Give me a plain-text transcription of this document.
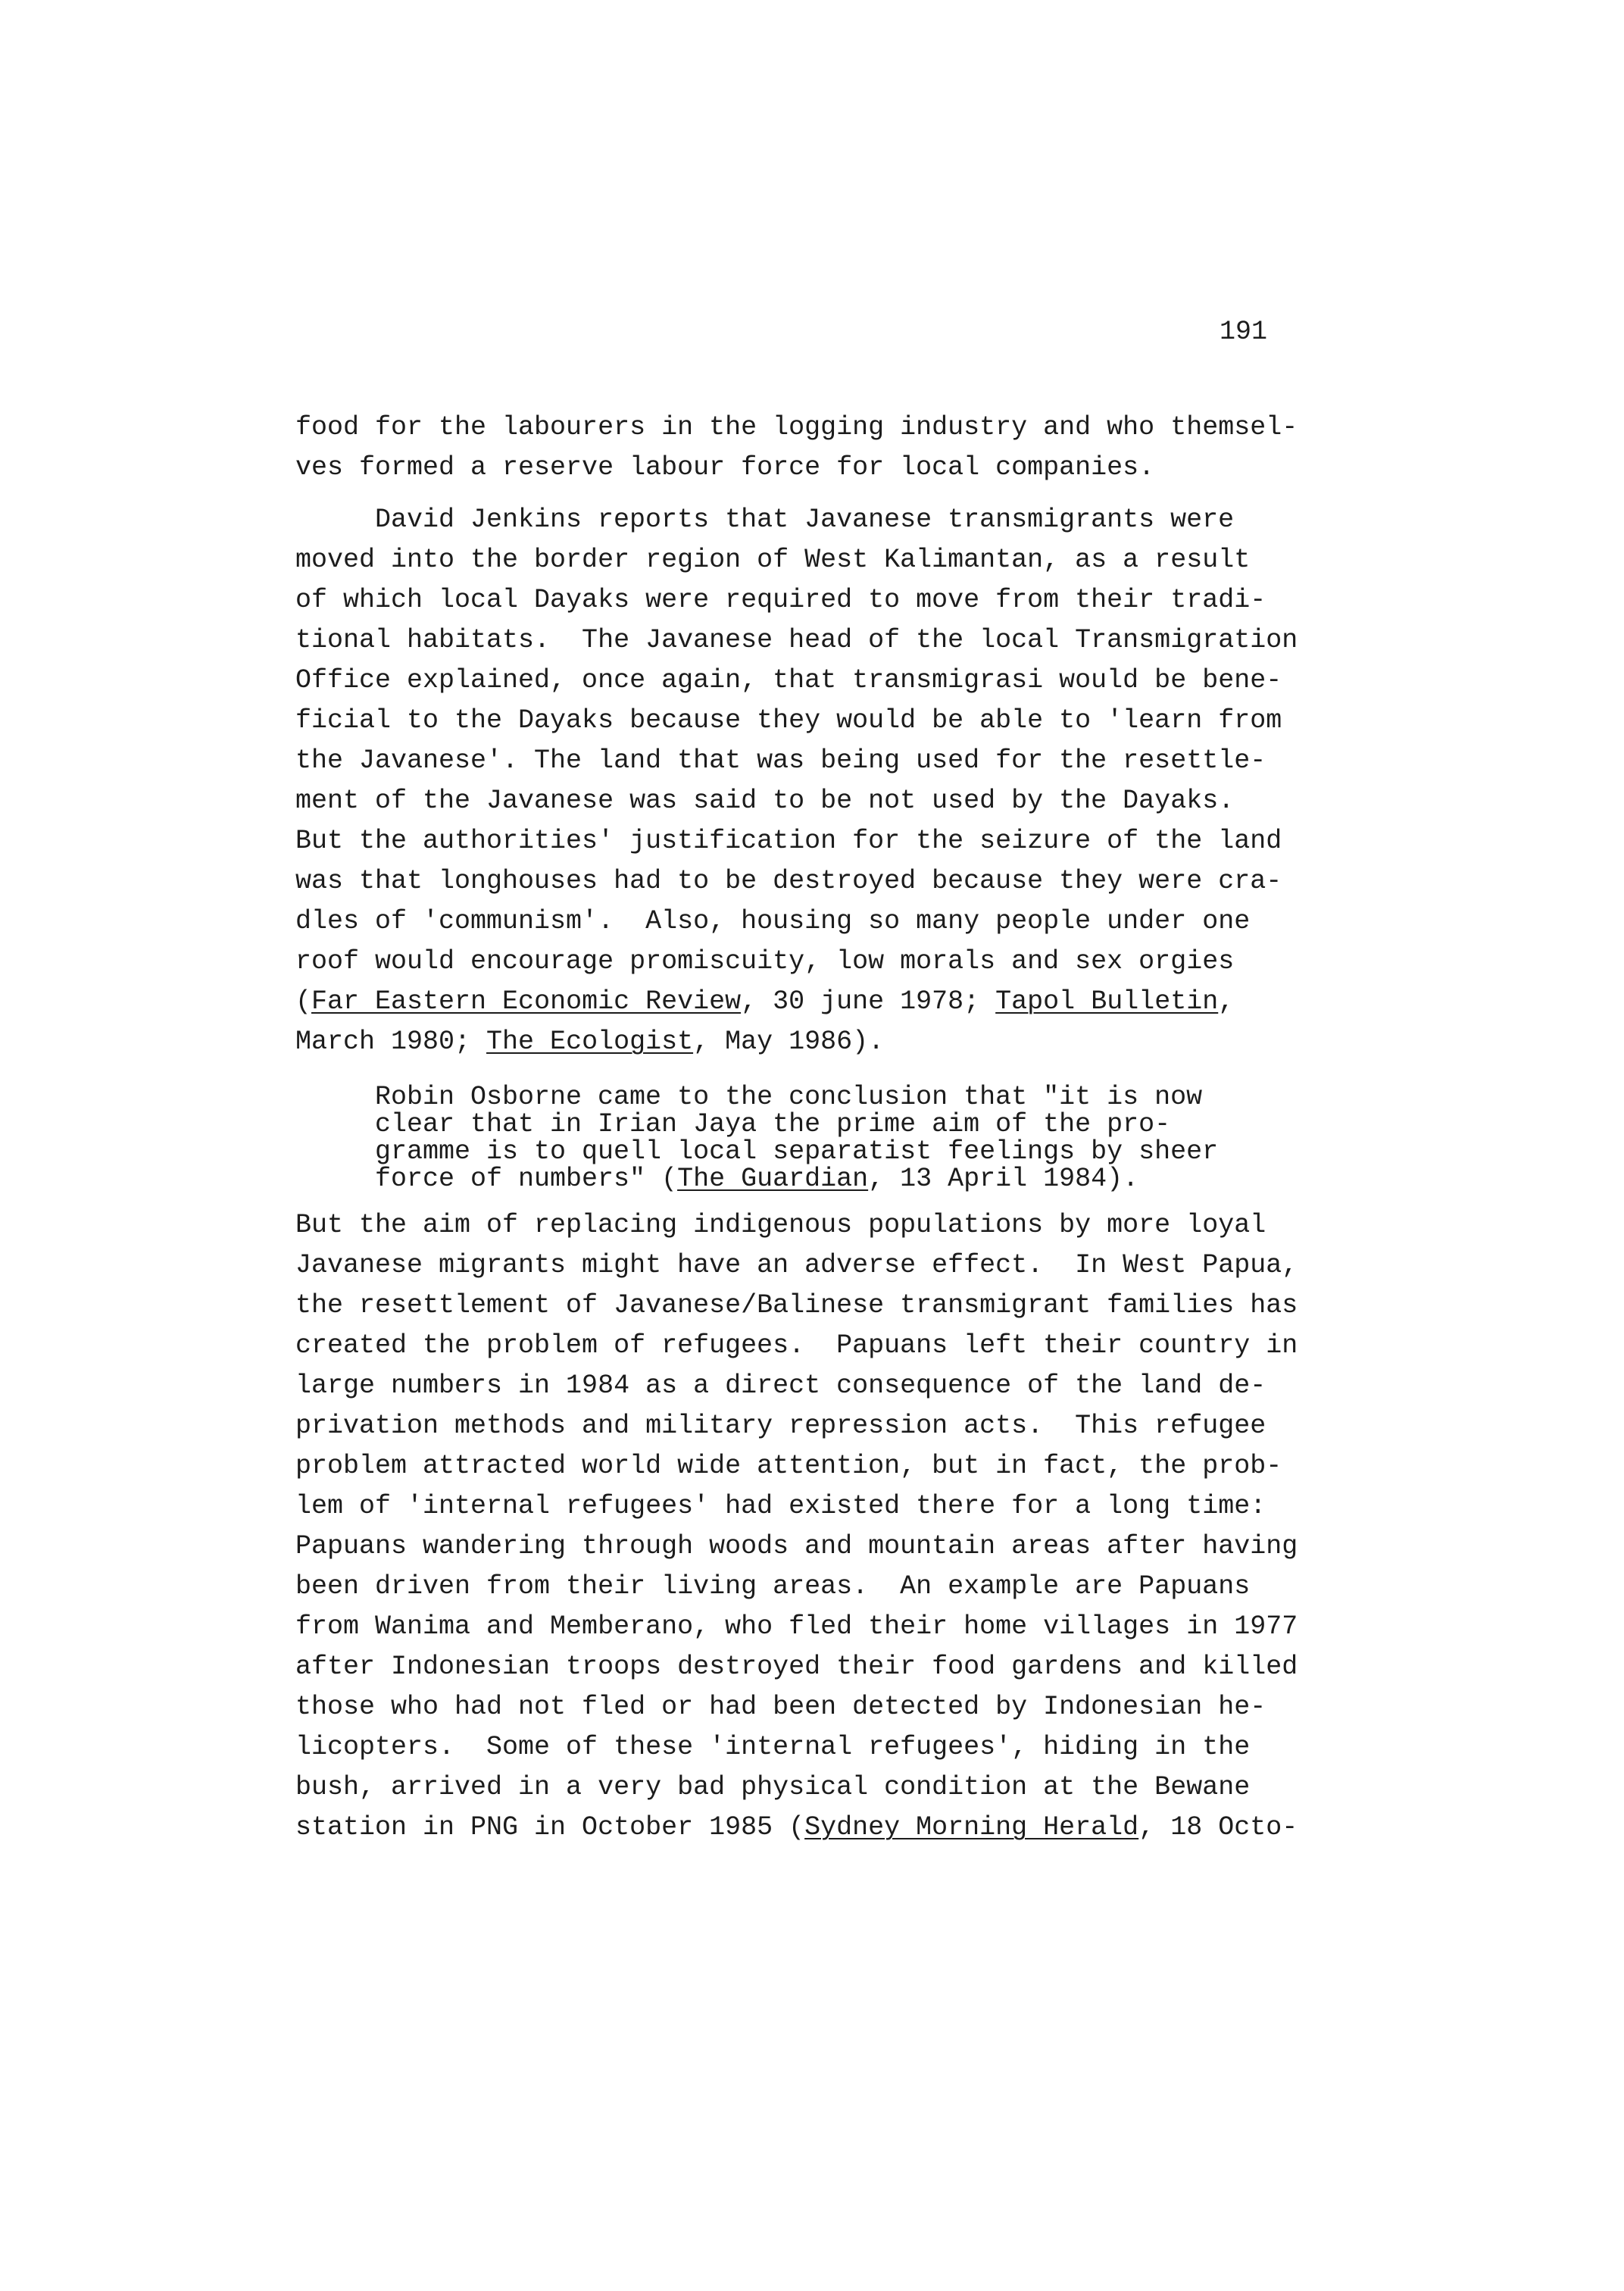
191
food for the labourers in the logging industry and who themsel-
ves formed a reserve labour force for local companies.
David Jenkins reports that Javanese transmigrants were
moved into the border region of West Kalimantan, as a result
of which local Dayaks were required to move from their tradi-
tional habitats.  The Javanese head of the local Transmigration
Office explained, once again, that transmigrasi would be bene-
ficial to the Dayaks because they would be able to 'learn from
the Javanese'. The land that was being used for the resettle-
ment of the Javanese was said to be not used by the Dayaks.
But the authorities' justification for the seizure of the land
was that longhouses had to be destroyed because they were cra-
dles of 'communism'.  Also, housing so many people under one
roof would encourage promiscuity, low morals and sex orgies
(Far Eastern Economic Review, 30 june 1978; Tapol Bulletin,
March 1980; The Ecologist, May 1986).
Robin Osborne came to the conclusion that "it is now
clear that in Irian Jaya the prime aim of the pro-
gramme is to quell local separatist feelings by sheer
force of numbers" (The Guardian, 13 April 1984).
But the aim of replacing indigenous populations by more loyal
Javanese migrants might have an adverse effect.  In West Papua,
the resettlement of Javanese/Balinese transmigrant families has
created the problem of refugees.  Papuans left their country in
large numbers in 1984 as a direct consequence of the land de-
privation methods and military repression acts.  This refugee
problem attracted world wide attention, but in fact, the prob-
lem of 'internal refugees' had existed there for a long time:
Papuans wandering through woods and mountain areas after having
been driven from their living areas.  An example are Papuans
from Wanima and Memberano, who fled their home villages in 1977
after Indonesian troops destroyed their food gardens and killed
those who had not fled or had been detected by Indonesian he-
licopters.  Some of these 'internal refugees', hiding in the
bush, arrived in a very bad physical condition at the Bewane
station in PNG in October 1985 (Sydney Morning Herald, 18 Octo-
